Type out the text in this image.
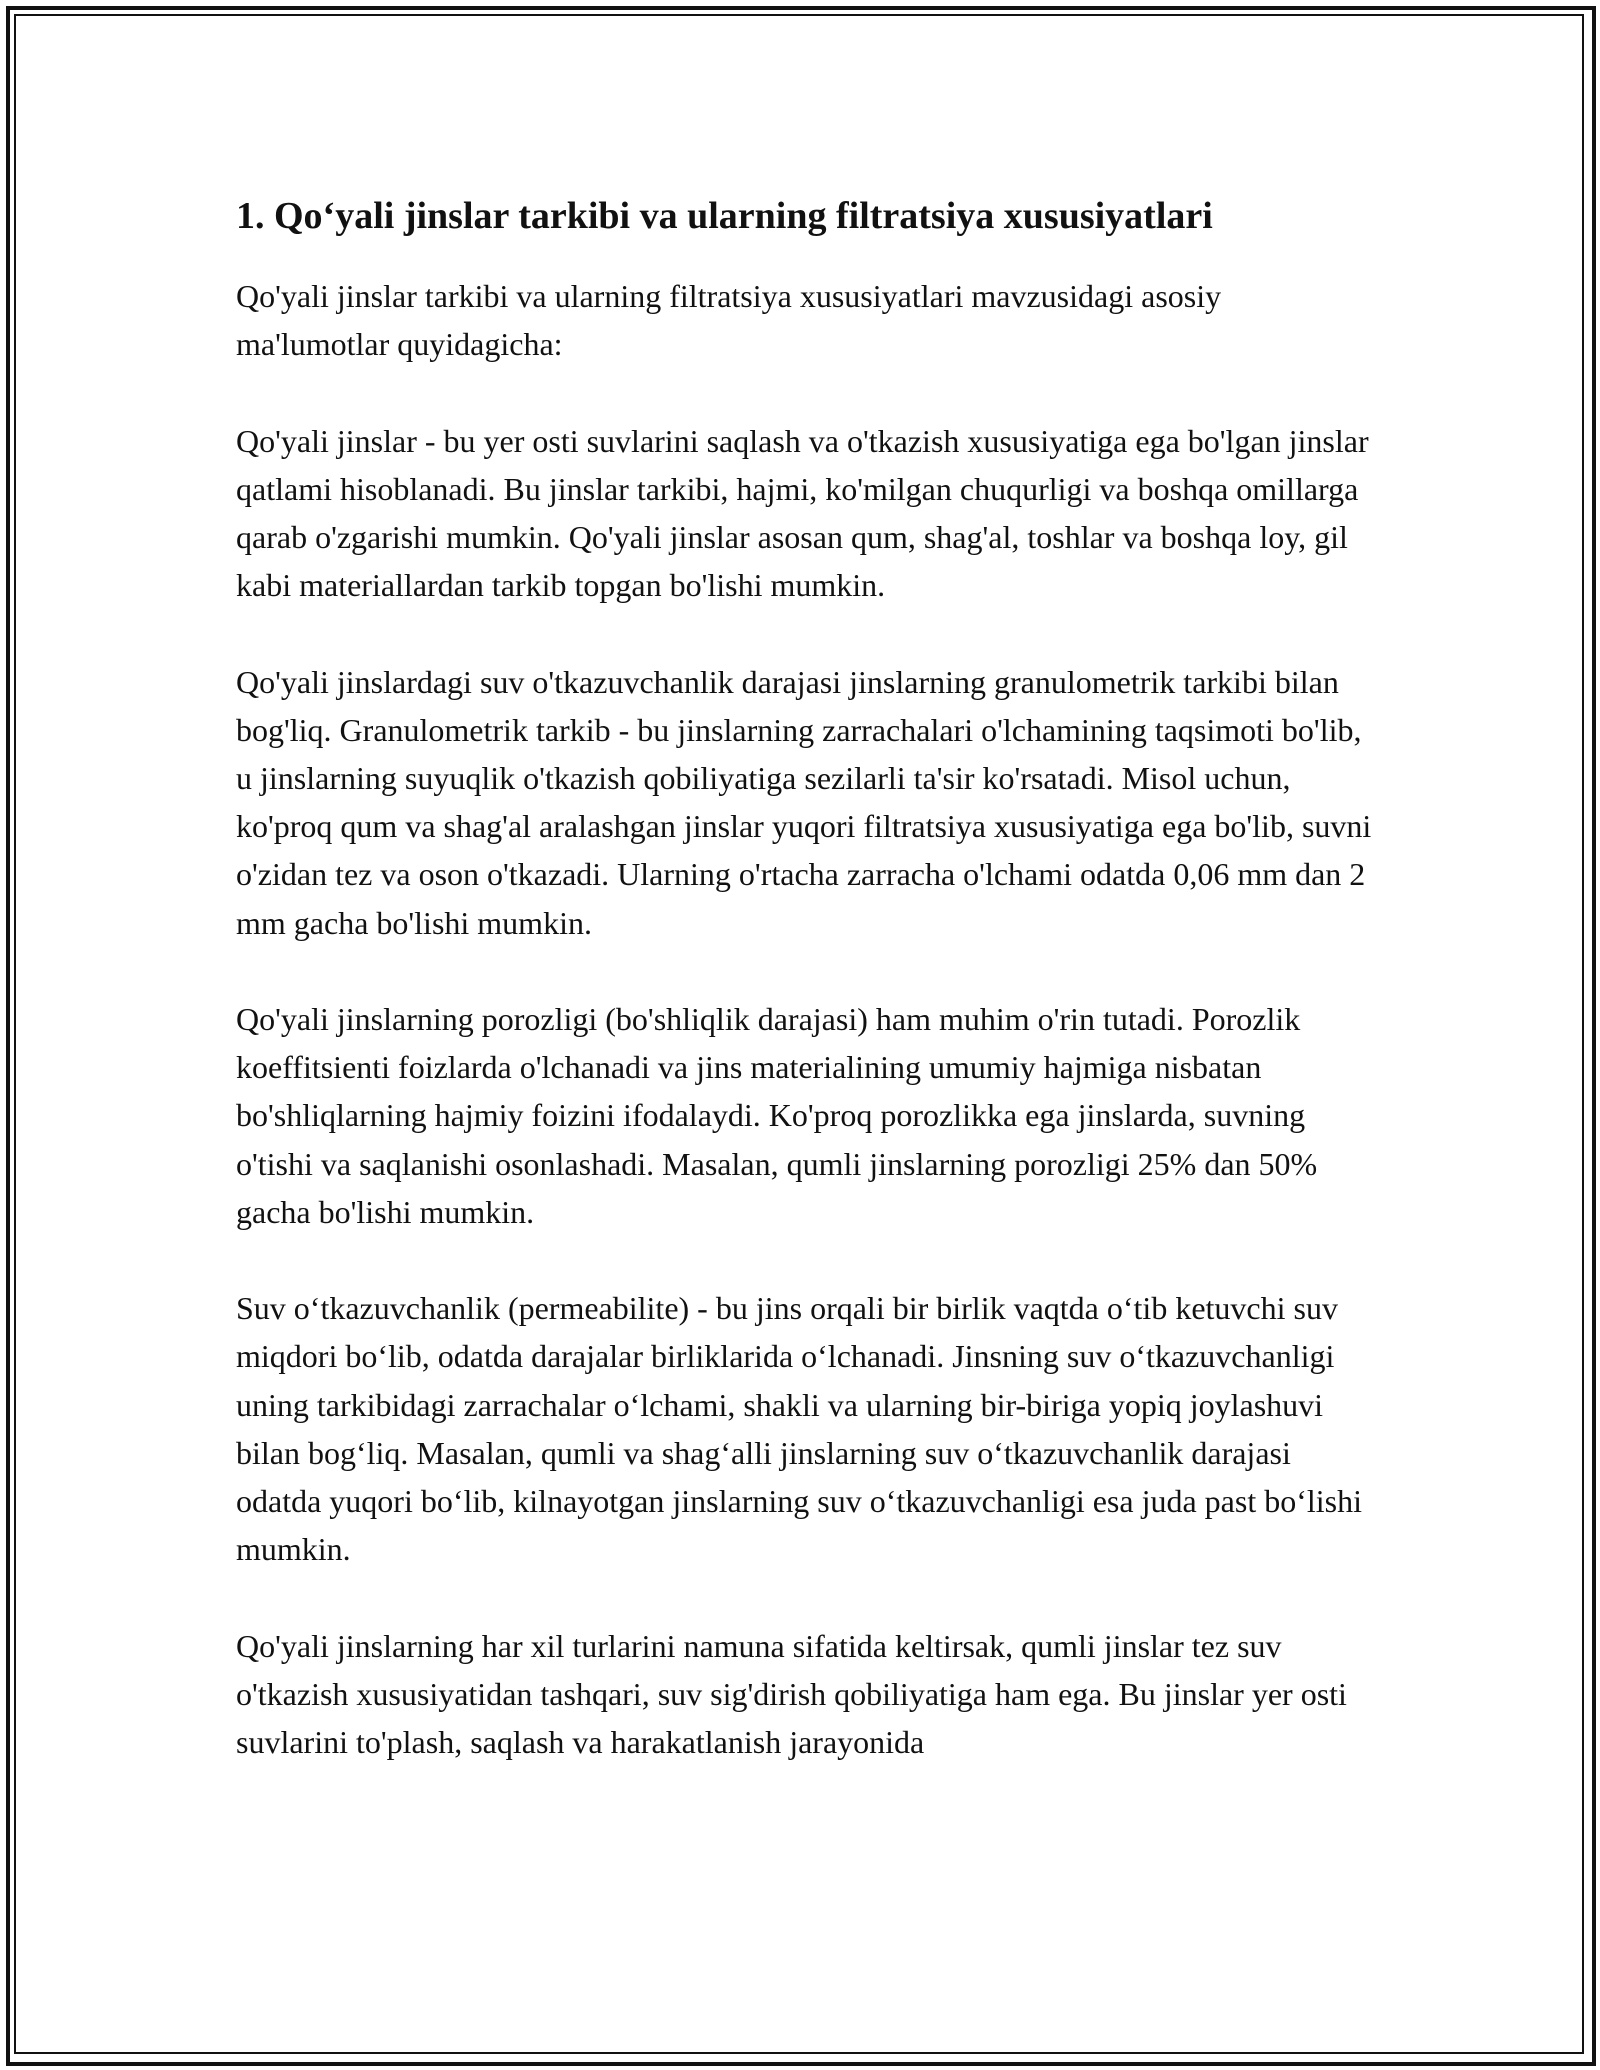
1. Qo‘yali jinslar tarkibi va ularning filtratsiya xususiyatlari

Qo'yali jinslar tarkibi va ularning filtratsiya xususiyatlari mavzusidagi asosiy ma'lumotlar quyidagicha:

Qo'yali jinslar - bu yer osti suvlarini saqlash va o'tkazish xususiyatiga ega bo'lgan jinslar qatlami hisoblanadi. Bu jinslar tarkibi, hajmi, ko'milgan chuqurligi va boshqa omillarga qarab o'zgarishi mumkin. Qo'yali jinslar asosan qum, shag'al, toshlar va boshqa loy, gil kabi materiallardan tarkib topgan bo'lishi mumkin.

Qo'yali jinslardagi suv o'tkazuvchanlik darajasi jinslarning granulometrik tarkibi bilan bog'liq. Granulometrik tarkib - bu jinslarning zarrachalari o'lchamining taqsimoti bo'lib, u jinslarning suyuqlik o'tkazish qobiliyatiga sezilarli ta'sir ko'rsatadi. Misol uchun, ko'proq qum va shag'al aralashgan jinslar yuqori filtratsiya xususiyatiga ega bo'lib, suvni o'zidan tez va oson o'tkazadi. Ularning o'rtacha zarracha o'lchami odatda 0,06 mm dan 2 mm gacha bo'lishi mumkin.

Qo'yali jinslarning porozligi (bo'shliqlik darajasi) ham muhim o'rin tutadi. Porozlik koeffitsienti foizlarda o'lchanadi va jins materialining umumiy hajmiga nisbatan bo'shliqlarning hajmiy foizini ifodalaydi. Ko'proq porozlikka ega jinslarda, suvning o'tishi va saqlanishi osonlashadi. Masalan, qumli jinslarning porozligi 25% dan 50% gacha bo'lishi mumkin.

Suv o‘tkazuvchanlik (permeabilite) - bu jins orqali bir birlik vaqtda o‘tib ketuvchi suv miqdori bo‘lib, odatda darajalar birliklarida o‘lchanadi. Jinsning suv o‘tkazuvchanligi uning tarkibidagi zarrachalar o‘lchami, shakli va ularning bir-biriga yopiq joylashuvi bilan bog‘liq. Masalan, qumli va shag‘alli jinslarning suv o‘tkazuvchanlik darajasi odatda yuqori bo‘lib, kilnayotgan jinslarning suv o‘tkazuvchanligi esa juda past bo‘lishi mumkin.

Qo'yali jinslarning har xil turlarini namuna sifatida keltirsak, qumli jinslar tez suv o'tkazish xususiyatidan tashqari, suv sig'dirish qobiliyatiga ham ega. Bu jinslar yer osti suvlarini to'plash, saqlash va harakatlanish jarayonida
